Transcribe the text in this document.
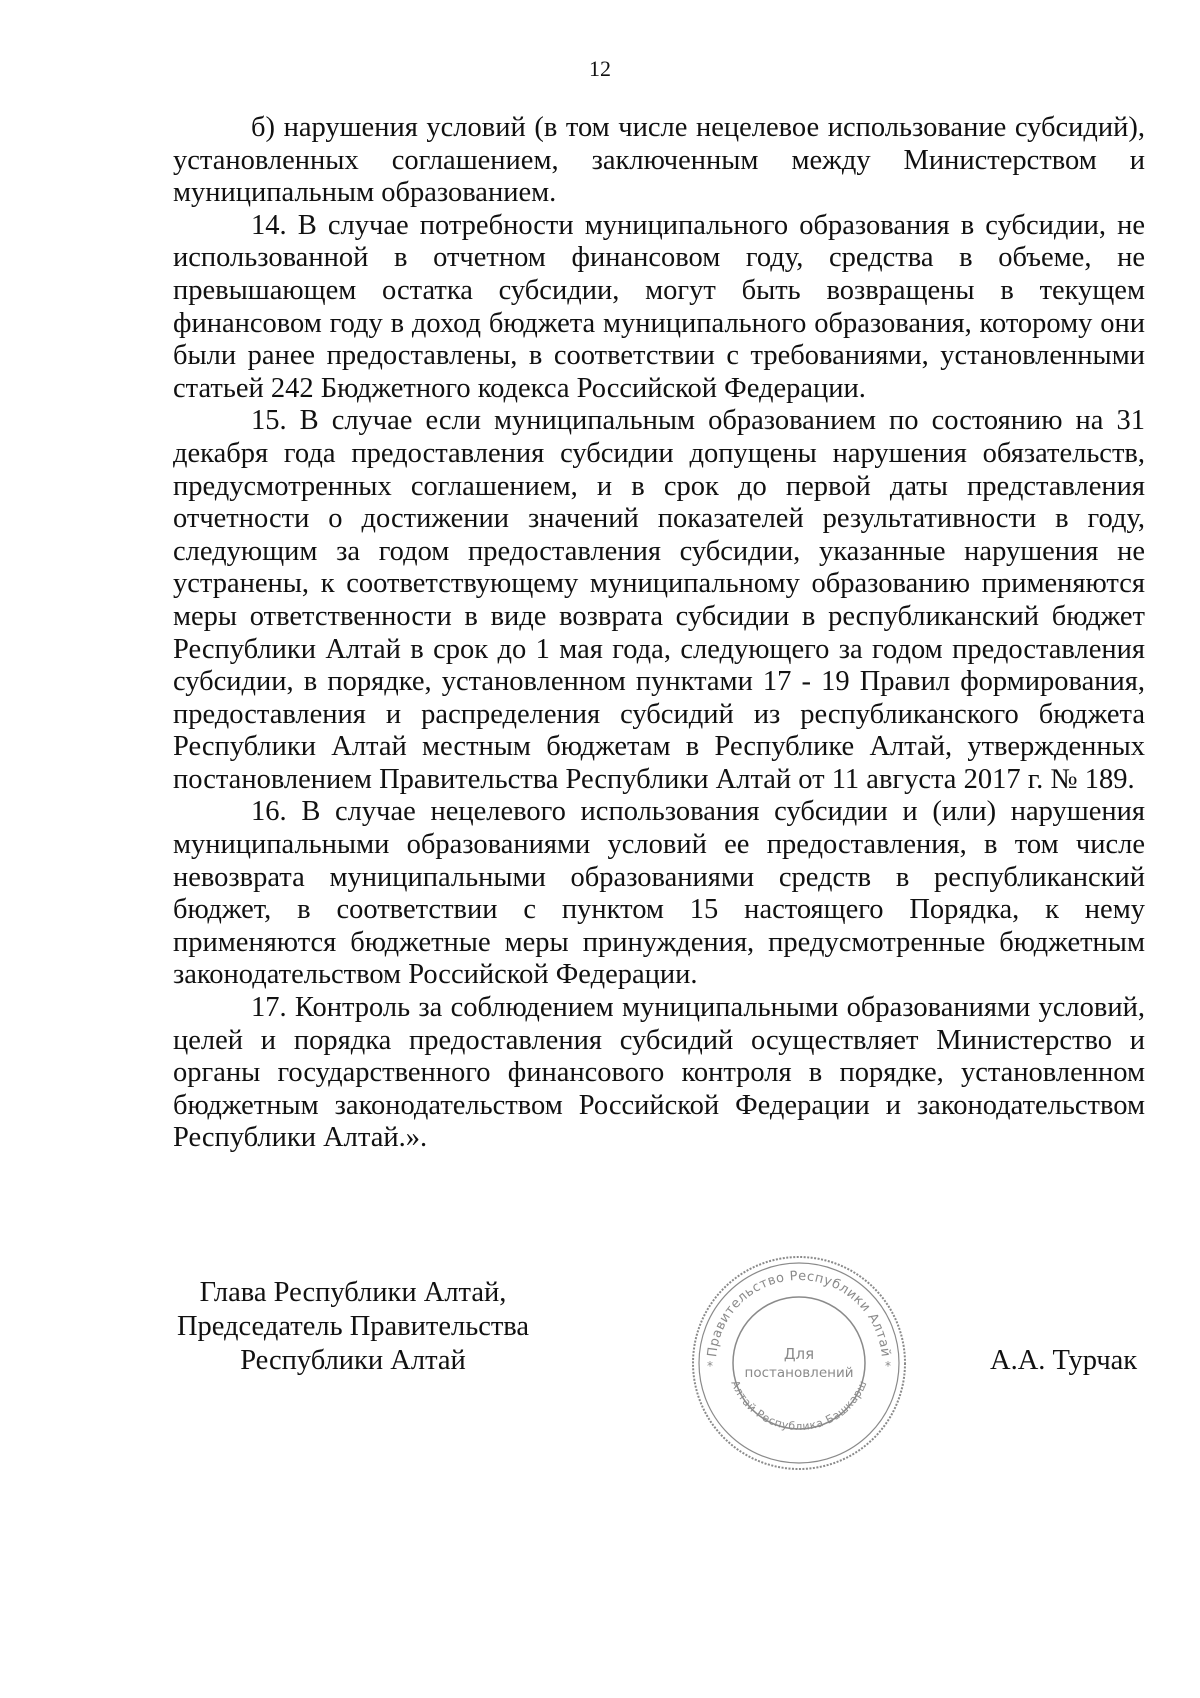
12

б) нарушения условий (в том числе нецелевое использование субсидий), установленных соглашением, заключенным между Министерством и муниципальным образованием.

14. В случае потребности муниципального образования в субсидии, не использованной в отчетном финансовом году, средства в объеме, не превышающем остатка субсидии, могут быть возвращены в текущем финансовом году в доход бюджета муниципального образования, которому они были ранее предоставлены, в соответствии с требованиями, установленными статьей 242 Бюджетного кодекса Российской Федерации.

15. В случае если муниципальным образованием по состоянию на 31 декабря года предоставления субсидии допущены нарушения обязательств, предусмотренных соглашением, и в срок до первой даты представления отчетности о достижении значений показателей результативности в году, следующим за годом предоставления субсидии, указанные нарушения не устранены, к соответствующему муниципальному образованию применяются меры ответственности в виде возврата субсидии в республиканский бюджет Республики Алтай в срок до 1 мая года, следующего за годом предоставления субсидии, в порядке, установленном пунктами 17 - 19 Правил формирования, предоставления и распределения субсидий из республиканского бюджета Республики Алтай местным бюджетам в Республике Алтай, утвержденных постановлением Правительства Республики Алтай от 11 августа 2017 г. № 189.

16. В случае нецелевого использования субсидии и (или) нарушения муниципальными образованиями условий ее предоставления, в том числе невозврата муниципальными образованиями средств в республиканский бюджет, в соответствии с пунктом 15 настоящего Порядка, к нему применяются бюджетные меры принуждения, предусмотренные бюджетным законодательством Российской Федерации.

17. Контроль за соблюдением муниципальными образованиями условий, целей и порядка предоставления субсидий осуществляет Министерство и органы государственного финансового контроля в порядке, установленном бюджетным законодательством Российской Федерации и законодательством Республики Алтай.».

Глава Республики Алтай,
Председатель Правительства
Республики Алтай	Правительство Республики Алтай
Алтай Республика Башкарш
Для
постановлений
*	*	А.А. Турчак
